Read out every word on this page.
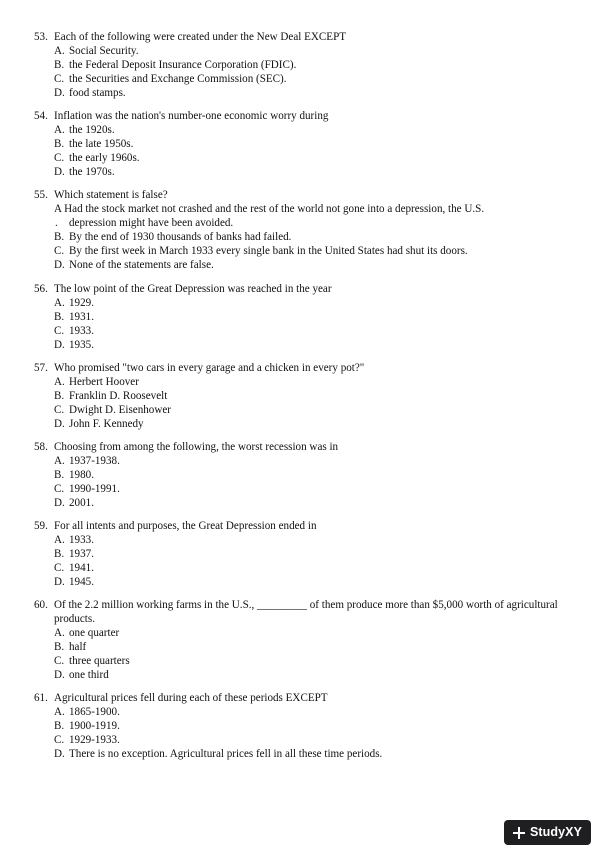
53. Each of the following were created under the New Deal EXCEPT
A. Social Security.
B. the Federal Deposit Insurance Corporation (FDIC).
C. the Securities and Exchange Commission (SEC).
D. food stamps.
54. Inflation was the nation's number-one economic worry during
A. the 1920s.
B. the late 1950s.
C. the early 1960s.
D. the 1970s.
55. Which statement is false?
A Had the stock market not crashed and the rest of the world not gone into a depression, the U.S.
.	depression might have been avoided.
B. By the end of 1930 thousands of banks had failed.
C. By the first week in March 1933 every single bank in the United States had shut its doors.
D. None of the statements are false.
56. The low point of the Great Depression was reached in the year
A. 1929.
B. 1931.
C. 1933.
D. 1935.
57. Who promised "two cars in every garage and a chicken in every pot?"
A. Herbert Hoover
B. Franklin D. Roosevelt
C. Dwight D. Eisenhower
D. John F. Kennedy
58. Choosing from among the following, the worst recession was in
A. 1937-1938.
B. 1980.
C. 1990-1991.
D. 2001.
59. For all intents and purposes, the Great Depression ended in
A. 1933.
B. 1937.
C. 1941.
D. 1945.
60. Of the 2.2 million working farms in the U.S., _________ of them produce more than $5,000 worth of agricultural products.
A. one quarter
B. half
C. three quarters
D. one third
61. Agricultural prices fell during each of these periods EXCEPT
A. 1865-1900.
B. 1900-1919.
C. 1929-1933.
D. There is no exception. Agricultural prices fell in all these time periods.
StudyXY
